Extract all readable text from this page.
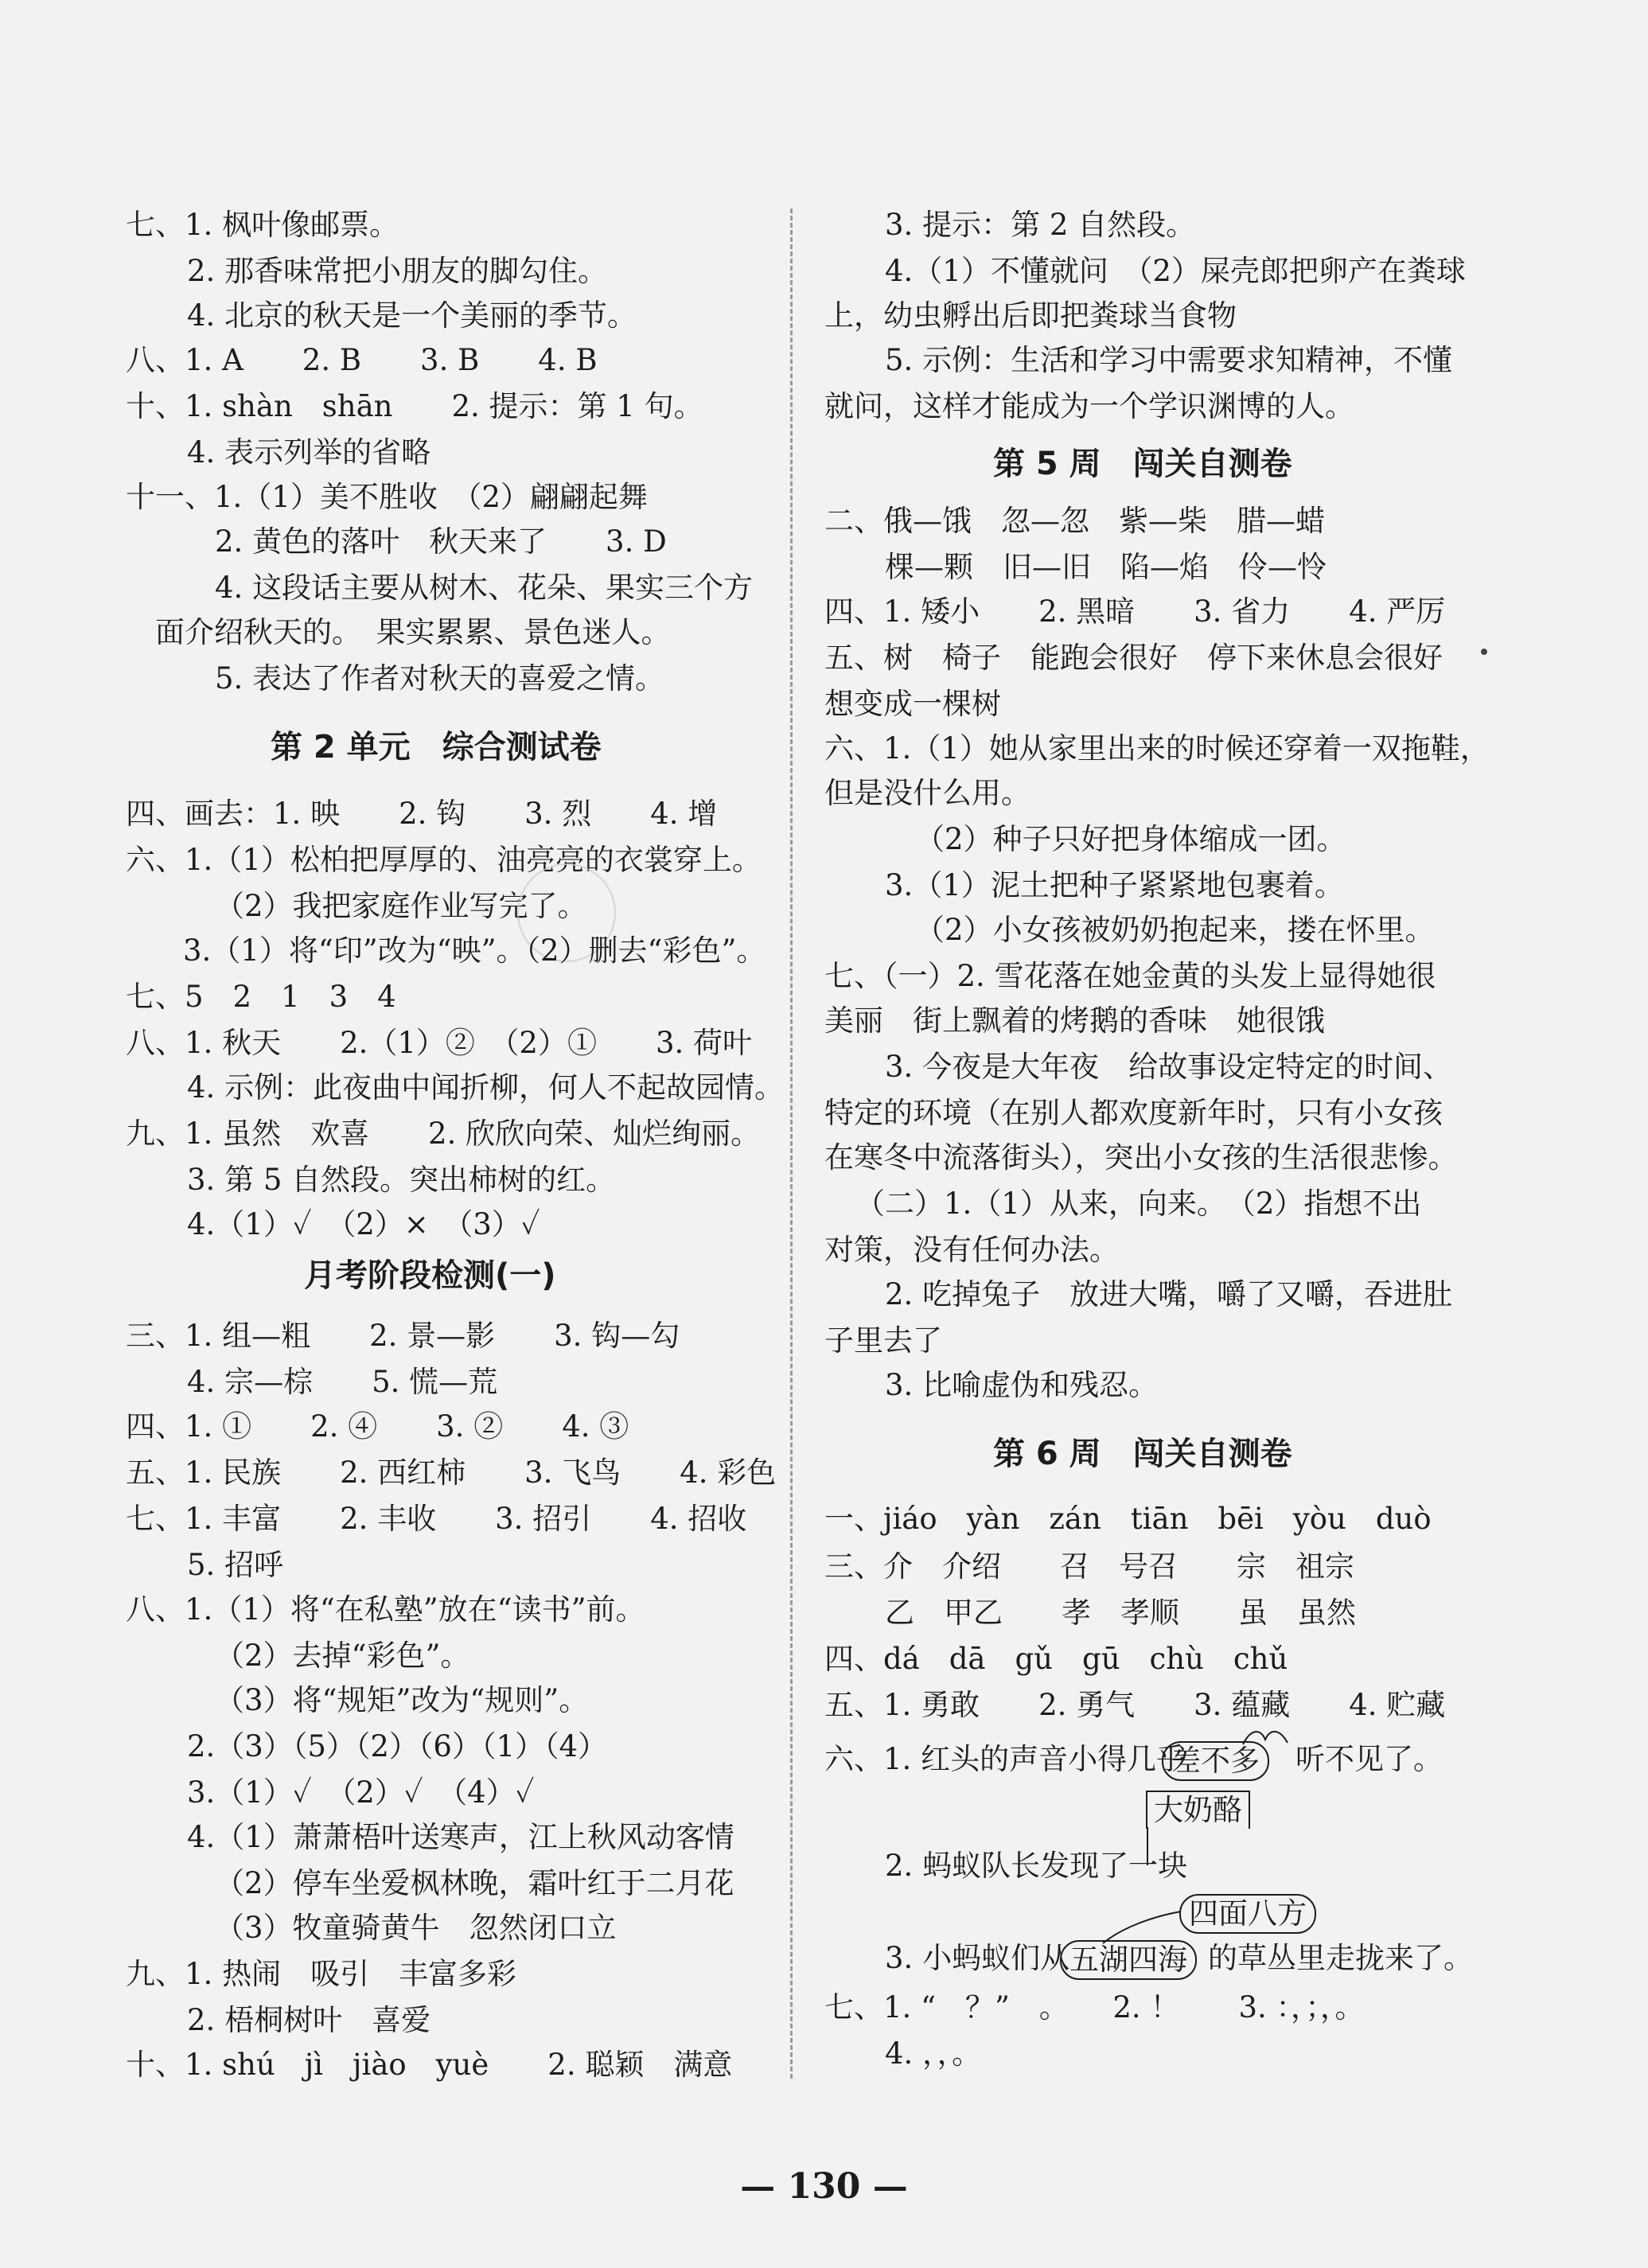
七、1. 枫叶像邮票。
2. 那香味常把小朋友的脚勾住。
4. 北京的秋天是一个美丽的季节。
八、1. A　　2. B　　3. B　　4. B
十、1. shàn　shān　　2. 提示：第 1 句。
4. 表示列举的省略
十一、1.（1）美不胜收　（2）翩翩起舞
2. 黄色的落叶　秋天来了　　3. D
4. 这段话主要从树木、花朵、果实三个方
面介绍秋天的。　果实累累、景色迷人。
5. 表达了作者对秋天的喜爱之情。
第 2 单元　综合测试卷
四、画去：1. 映　　2. 钩　　3. 烈　　4. 增
六、1.（1）松柏把厚厚的、油亮亮的衣裳穿上。
（2）我把家庭作业写完了。
3.（1）将“印”改为“映”。（2）删去“彩色”。
七、5　2　1　3　4
八、1. 秋天　　2.（1）②　（2）①　　3. 荷叶
4. 示例：此夜曲中闻折柳，何人不起故园情。
九、1. 虽然　欢喜　　2. 欣欣向荣、灿烂绚丽。
3. 第 5 自然段。突出柿树的红。
4.（1）✓　（2）×　（3）✓
月考阶段检测(一)
三、1. 组—粗　　2. 景—影　　3. 钩—勾
4. 宗—棕　　5. 慌—荒
四、1. ①　　2. ④　　3. ②　　4. ③
五、1. 民族　　2. 西红柿　　3. 飞鸟　　4. 彩色
七、1. 丰富　　2. 丰收　　3. 招引　　4. 招收
5. 招呼
八、1.（1）将“在私塾”放在“读书”前。
（2）去掉“彩色”。
（3）将“规矩”改为“规则”。
2.（3）（5）（2）（6）（1）（4）
3.（1）✓　（2）✓　（4）✓
4.（1）萧萧梧叶送寒声，江上秋风动客情
（2）停车坐爱枫林晚，霜叶红于二月花
（3）牧童骑黄牛　忽然闭口立
九、1. 热闹　吸引　丰富多彩
2. 梧桐树叶　喜爱
十、1. shú　jì　jiào　yuè　　2. 聪颖　满意
3. 提示：第 2 自然段。
4.（1）不懂就问　（2）屎壳郎把卵产在粪球
上，幼虫孵出后即把粪球当食物
5. 示例：生活和学习中需要求知精神，不懂
就问，这样才能成为一个学识渊博的人。
第 5 周　闯关自测卷
二、俄—饿　忽—忽　紫—柴　腊—蜡
棵—颗　旧—旧　陷—焰　伶—怜
四、1. 矮小　　2. 黑暗　　3. 省力　　4. 严厉
五、树　椅子　能跑会很好　停下来休息会很好
想变成一棵树
六、1.（1）她从家里出来的时候还穿着一双拖鞋，
但是没什么用。
（2）种子只好把身体缩成一团。
3.（1）泥土把种子紧紧地包裹着。
（2）小女孩被奶奶抱起来，搂在怀里。
七、（一）2. 雪花落在她金黄的头发上显得她很
美丽　街上飘着的烤鹅的香味　她很饿
3. 今夜是大年夜　给故事设定特定的时间、
特定的环境（在别人都欢度新年时，只有小女孩
在寒冬中流落街头），突出小女孩的生活很悲惨。
（二）1.（1）从来，向来。　（2）指想不出
对策，没有任何办法。
2. 吃掉兔子　放进大嘴，嚼了又嚼，吞进肚
子里去了
3. 比喻虚伪和残忍。
第 6 周　闯关自测卷
一、jiáo　yàn　zán　tiān　bēi　yòu　duò
三、介　介绍　　召　号召　　宗　祖宗
乙　甲乙　　孝　孝顺　　虽　虽然
四、dá　dā　gǔ　gū　chù　chǔ
五、1. 勇敢　　2. 勇气　　3. 蕴藏　　4. 贮藏
六、1. 红头的声音小得几乎
差不多	听不见了。
大奶酪
2. 蚂蚁队长发现了一块
四面八方
3. 小蚂蚁们从 五湖四海 的草丛里走拢来了。
七、1. “　？”　。　　2. ！　　3. ：，；，。
4. ，，。
— 130 —
